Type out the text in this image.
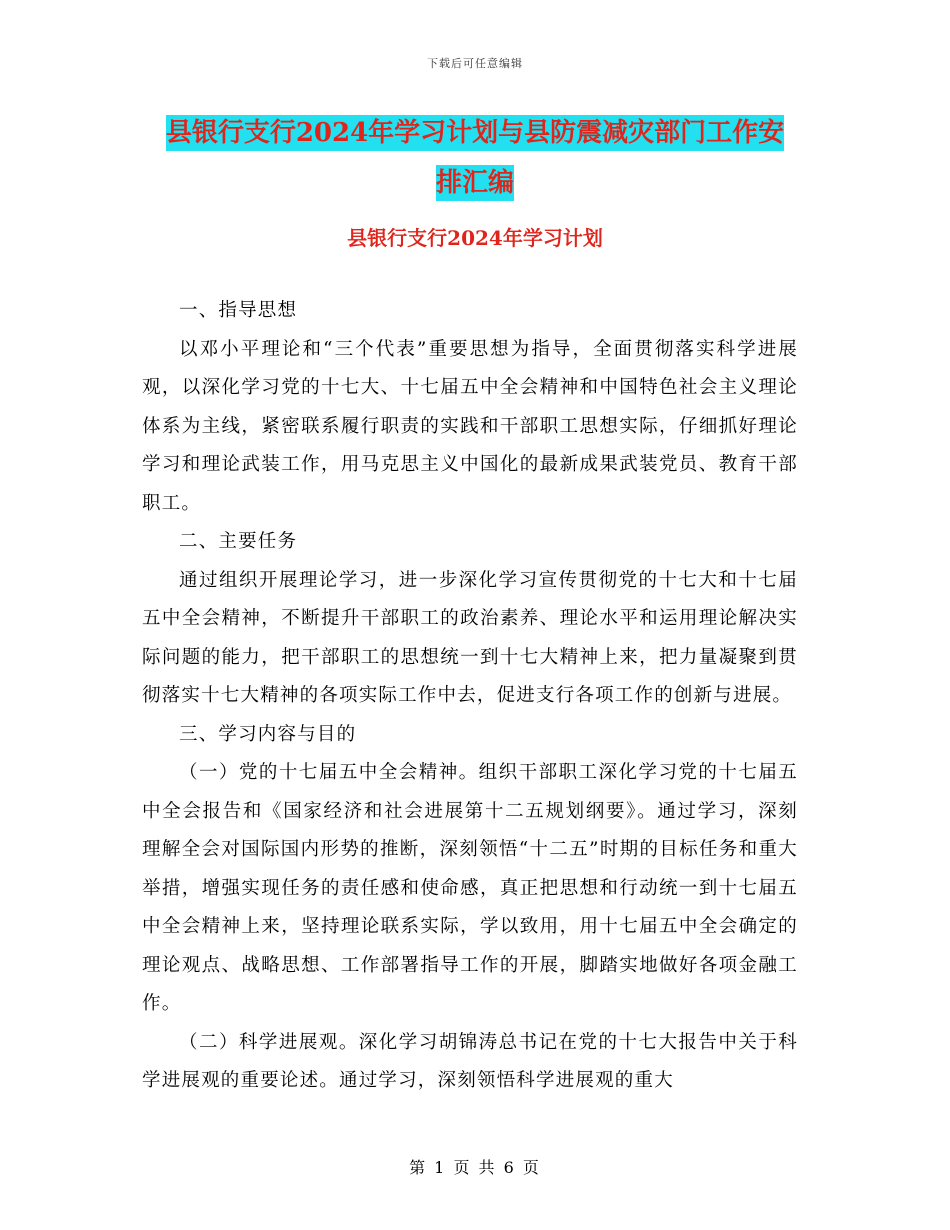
下载后可任意编辑
县银行支行2024年学习计划与县防震减灾部门工作安
排汇编
县银行支行2024年学习计划

一、指导思想

以邓小平理论和“三个代表”重要思想为指导，全面贯彻落实科学进展观，以深化学习党的十七大、十七届五中全会精神和中国特色社会主义理论体系为主线，紧密联系履行职责的实践和干部职工思想实际，仔细抓好理论学习和理论武装工作，用马克思主义中国化的最新成果武装党员、教育干部职工。

二、主要任务

通过组织开展理论学习，进一步深化学习宣传贯彻党的十七大和十七届五中全会精神，不断提升干部职工的政治素养、理论水平和运用理论解决实际问题的能力，把干部职工的思想统一到十七大精神上来，把力量凝聚到贯彻落实十七大精神的各项实际工作中去，促进支行各项工作的创新与进展。

三、学习内容与目的

（一）党的十七届五中全会精神。组织干部职工深化学习党的十七届五中全会报告和《国家经济和社会进展第十二五规划纲要》。通过学习，深刻理解全会对国际国内形势的推断，深刻领悟“十二五”时期的目标任务和重大举措，增强实现任务的责任感和使命感，真正把思想和行动统一到十七届五中全会精神上来，坚持理论联系实际，学以致用，用十七届五中全会确定的理论观点、战略思想、工作部署指导工作的开展，脚踏实地做好各项金融工作。

（二）科学进展观。深化学习胡锦涛总书记在党的十七大报告中关于科学进展观的重要论述。通过学习，深刻领悟科学进展观的重大

第 1 页 共 6 页
